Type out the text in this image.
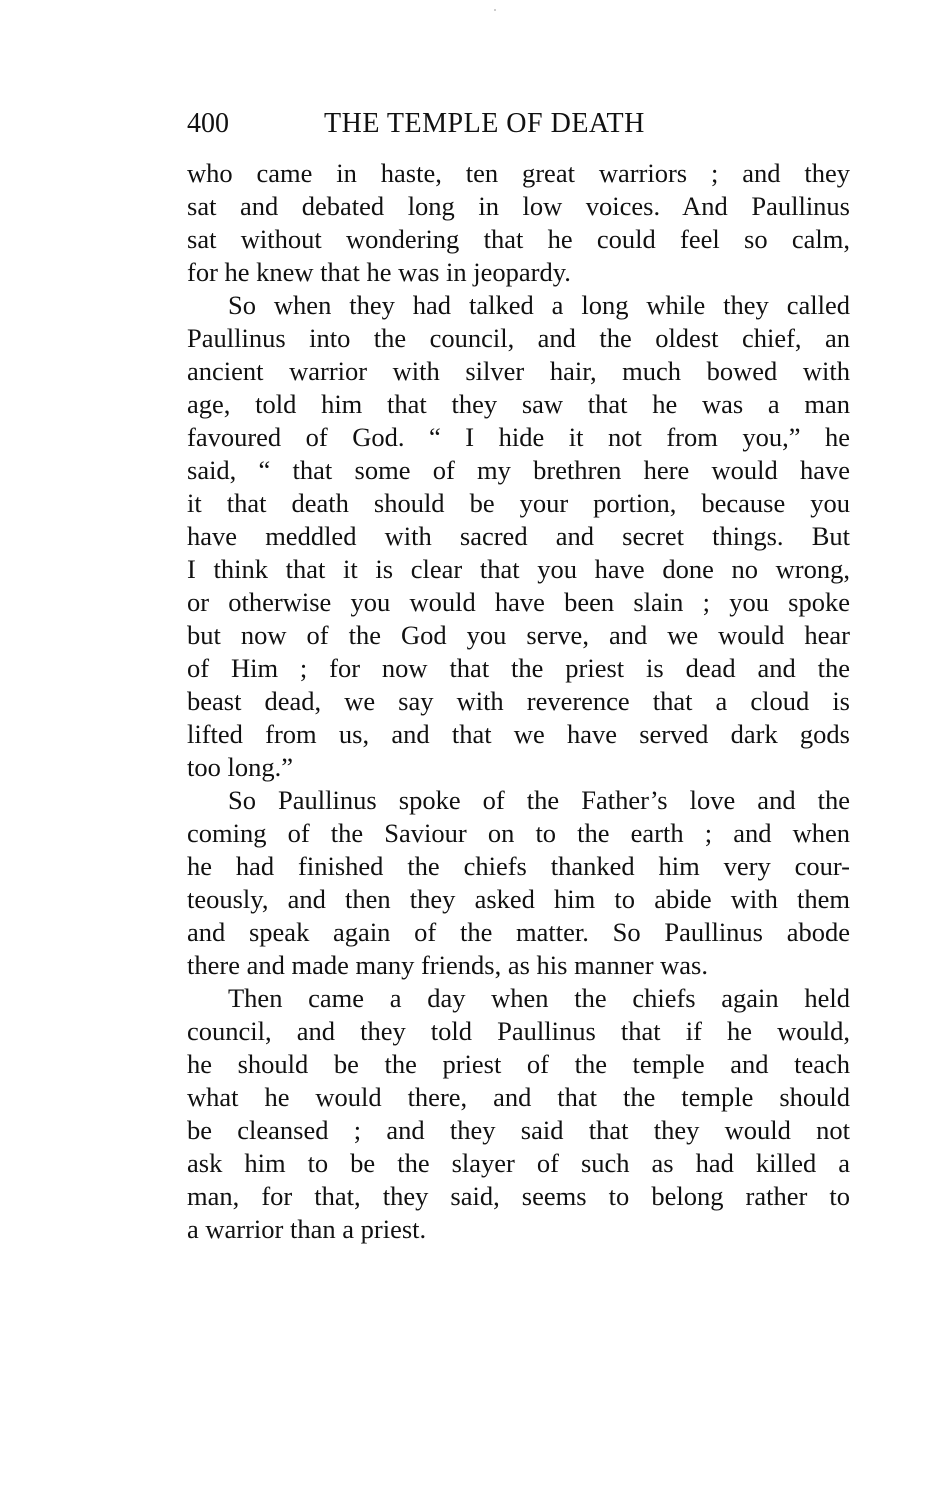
400	THE TEMPLE OF DEATH
who came in haste, ten great warriors ; and they
sat and debated long in low voices. And Paullinus
sat without wondering that he could feel so calm,
for he knew that he was in jeopardy.
So when they had talked a long while they called
Paullinus into the council, and the oldest chief, an
ancient warrior with silver hair, much bowed with
age, told him that they saw that he was a man
favoured of God. “ I hide it not from you,” he
said, “ that some of my brethren here would have
it that death should be your portion, because you
have meddled with sacred and secret things. But
I think that it is clear that you have done no wrong,
or otherwise you would have been slain ; you spoke
but now of the God you serve, and we would hear
of Him ; for now that the priest is dead and the
beast dead, we say with reverence that a cloud is
lifted from us, and that we have served dark gods
too long.”
So Paullinus spoke of the Father’s love and the
coming of the Saviour on to the earth ; and when
he had finished the chiefs thanked him very cour-
teously, and then they asked him to abide with them
and speak again of the matter. So Paullinus abode
there and made many friends, as his manner was.
Then came a day when the chiefs again held
council, and they told Paullinus that if he would,
he should be the priest of the temple and teach
what he would there, and that the temple should
be cleansed ; and they said that they would not
ask him to be the slayer of such as had killed a
man, for that, they said, seems to belong rather to
a warrior than a priest.
